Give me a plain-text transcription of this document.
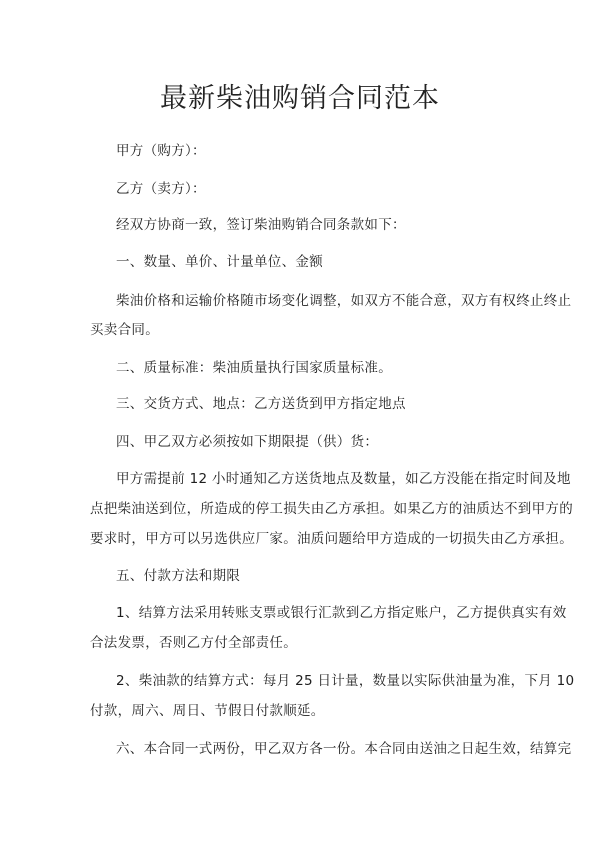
最新柴油购销合同范本
甲方（购方）：
乙方（卖方）：
经双方协商一致，签订柴油购销合同条款如下：
一、数量、单价、计量单位、金额
柴油价格和运输价格随市场变化调整，如双方不能合意，双方有权终止终止
买卖合同。
二、质量标准：柴油质量执行国家质量标准。
三、交货方式、地点：乙方送货到甲方指定地点
四、甲乙双方必须按如下期限提（供）货：
甲方需提前 12 小时通知乙方送货地点及数量，如乙方没能在指定时间及地
点把柴油送到位，所造成的停工损失由乙方承担。如果乙方的油质达不到甲方的
要求时，甲方可以另选供应厂家。油质问题给甲方造成的一切损失由乙方承担。
五、付款方法和期限
1、结算方法采用转账支票或银行汇款到乙方指定账户，乙方提供真实有效
合法发票，否则乙方付全部责任。
2、柴油款的结算方式：每月 25 日计量，数量以实际供油量为准，下月 10
付款，周六、周日、节假日付款顺延。
六、本合同一式两份，甲乙双方各一份。本合同由送油之日起生效，结算完
